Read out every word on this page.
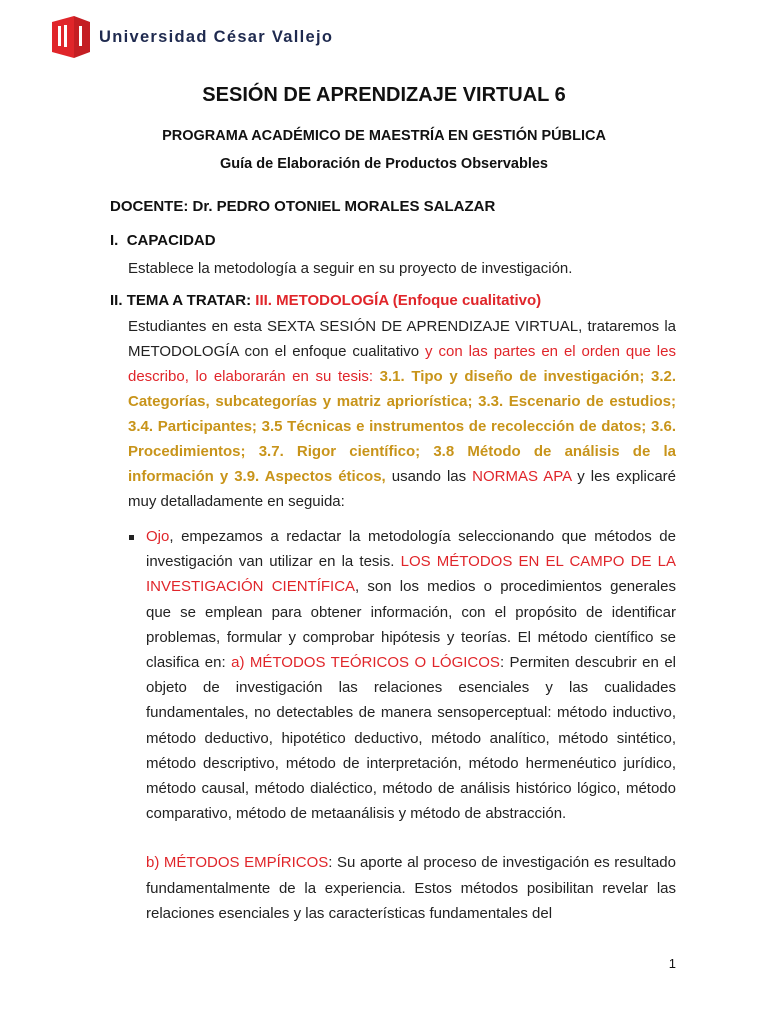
Universidad César Vallejo
SESIÓN DE APRENDIZAJE VIRTUAL 6
PROGRAMA ACADÉMICO DE MAESTRÍA EN GESTIÓN PÚBLICA
Guía de Elaboración de Productos Observables
DOCENTE: Dr. PEDRO OTONIEL MORALES SALAZAR
I. CAPACIDAD
Establece la metodología a seguir en su proyecto de investigación.
II. TEMA A TRATAR: III. METODOLOGÍA (Enfoque cualitativo)
Estudiantes en esta SEXTA SESIÓN DE APRENDIZAJE VIRTUAL, trataremos la METODOLOGÍA con el enfoque cualitativo y con las partes en el orden que les describo, lo elaborarán en su tesis: 3.1. Tipo y diseño de investigación; 3.2. Categorías, subcategorías y matriz apriorística; 3.3. Escenario de estudios; 3.4. Participantes; 3.5 Técnicas e instrumentos de recolección de datos; 3.6. Procedimientos; 3.7. Rigor científico; 3.8 Método de análisis de la información y 3.9. Aspectos éticos, usando las NORMAS APA y les explicaré muy detalladamente en seguida:
Ojo, empezamos a redactar la metodología seleccionando que métodos de investigación van utilizar en la tesis. LOS MÉTODOS EN EL CAMPO DE LA INVESTIGACIÓN CIENTÍFICA, son los medios o procedimientos generales que se emplean para obtener información, con el propósito de identificar problemas, formular y comprobar hipótesis y teorías. El método científico se clasifica en: a) MÉTODOS TEÓRICOS O LÓGICOS: Permiten descubrir en el objeto de investigación las relaciones esenciales y las cualidades fundamentales, no detectables de manera sensoperceptual: método inductivo, método deductivo, hipotético deductivo, método analítico, método sintético, método descriptivo, método de interpretación, método hermenéutico jurídico, método causal, método dialéctico, método de análisis histórico lógico, método comparativo, método de metaanálisis y método de abstracción.
b) MÉTODOS EMPÍRICOS: Su aporte al proceso de investigación es resultado fundamentalmente de la experiencia. Estos métodos posibilitan revelar las relaciones esenciales y las características fundamentales del
1
